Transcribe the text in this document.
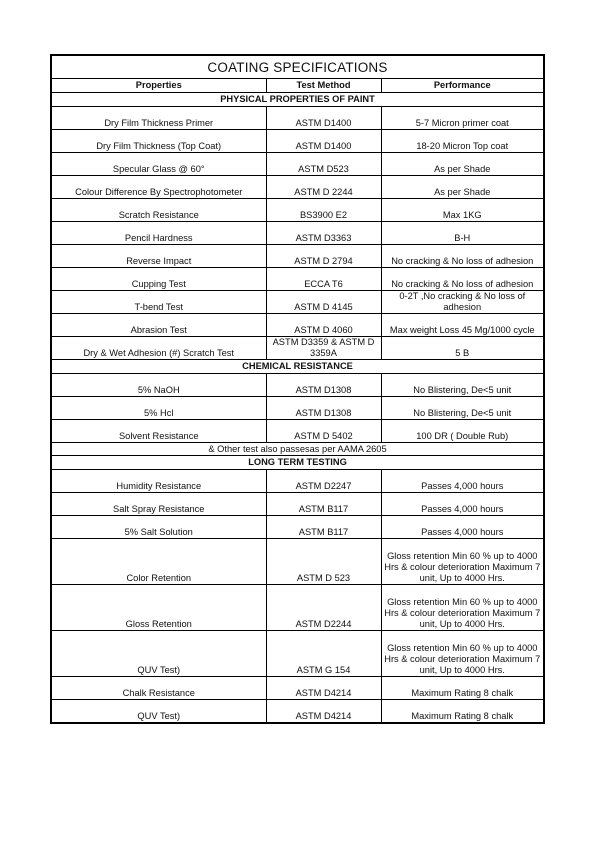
COATING SPECIFICATIONS		
Properties	Test Method	Performance
PHYSICAL PROPERTIES OF PAINT		
Dry Film Thickness Primer	ASTM D1400	5-7 Micron primer coat
Dry Film Thickness (Top Coat)	ASTM D1400	18-20 Micron Top coat
Specular Glass @ 60°	ASTM D523	As per Shade
Colour Difference By Spectrophotometer	ASTM D 2244	As per Shade
Scratch Resistance	BS3900 E2	Max 1KG
Pencil Hardness	ASTM D3363	B-H
Reverse Impact	ASTM D 2794	No cracking & No loss of adhesion
Cupping Test	ECCA T6	No cracking & No loss of adhesion
T-bend Test	ASTM D 4145	0-2T ,No cracking & No loss of adhesion
Abrasion Test	ASTM D 4060	Max weight Loss 45 Mg/1000 cycle
Dry & Wet Adhesion (#) Scratch Test	ASTM D3359 & ASTM D 3359A	5 B
CHEMICAL RESISTANCE		
5% NaOH	ASTM D1308	No Blistering, De<5 unit
5% Hcl	ASTM D1308	No Blistering, De<5 unit
Solvent Resistance	ASTM D 5402	100 DR ( Double Rub)
& Other test also passesas per AAMA 2605		
LONG TERM TESTING		
Humidity Resistance	ASTM D2247	Passes 4,000 hours
Salt Spray Resistance	ASTM B117	Passes 4,000 hours
5% Salt Solution	ASTM B117	Passes 4,000 hours
Color Retention	ASTM D 523	Gloss retention Min 60 % up to 4000 Hrs & colour deterioration Maximum 7 unit, Up to 4000 Hrs.
Gloss Retention	ASTM D2244	Gloss retention Min 60 % up to 4000 Hrs & colour deterioration Maximum 7 unit, Up to 4000 Hrs.
QUV Test)	ASTM G 154	Gloss retention Min 60 % up to 4000 Hrs & colour deterioration Maximum 7 unit, Up to 4000 Hrs.
Chalk Resistance	ASTM D4214	Maximum Rating 8 chalk
QUV Test)	ASTM D4214	Maximum Rating 8 chalk
